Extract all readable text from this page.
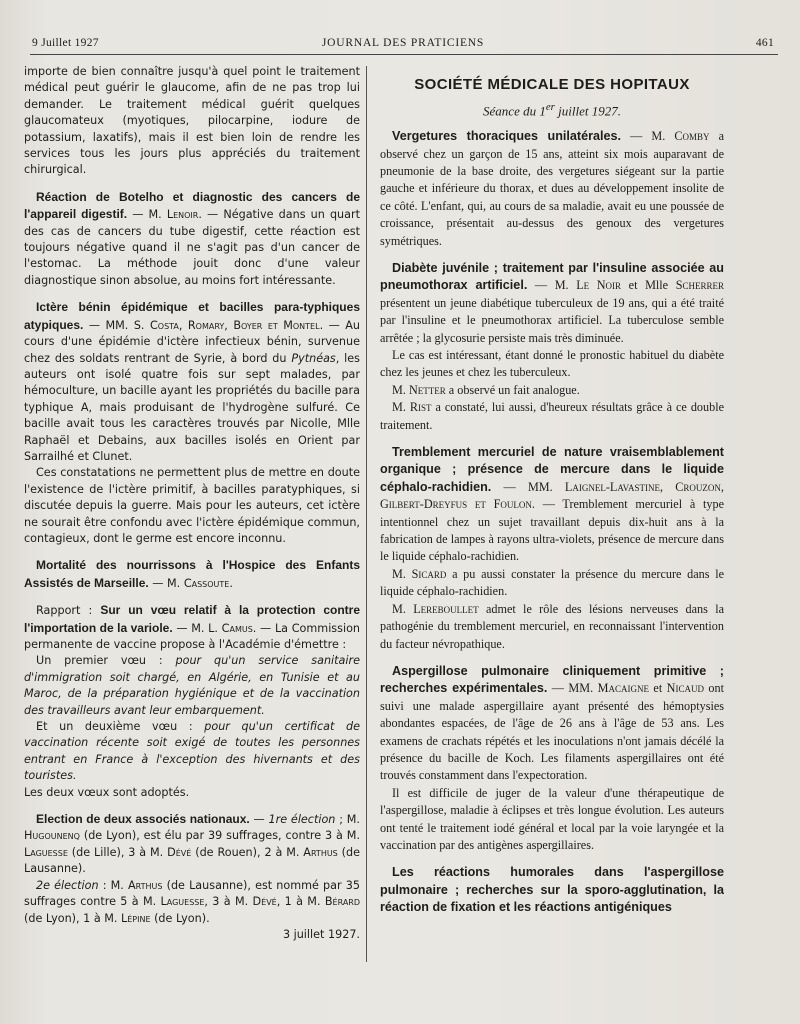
9 Juillet 1927	JOURNAL DES PRATICIENS	461

importe de bien connaître jusqu'à quel point le traitement médical peut guérir le glaucome, afin de ne pas trop lui demander. Le traitement médical guérit quelques glaucomateux (myotiques, pilocarpine, iodure de potassium, laxatifs), mais il est bien loin de rendre les services tous les jours plus appréciés du traitement chirurgical.

Réaction de Botelho et diagnostic des cancers de l'appareil digestif. — M. Lenoir. — Négative dans un quart des cas de cancers du tube digestif, cette réaction est toujours négative quand il ne s'agit pas d'un cancer de l'estomac. La méthode jouit donc d'une valeur diagnostique sinon absolue, au moins fort intéressante.

Ictère bénin épidémique et bacilles para-typhiques atypiques. — MM. S. Costa, Romary, Boyer et Montel. — Au cours d'une épidémie d'ictère infectieux bénin, survenue chez des soldats rentrant de Syrie, à bord du Pytnéas, les auteurs ont isolé quatre fois sur sept malades, par hémoculture, un bacille ayant les propriétés du bacille para typhique A, mais produisant de l'hydrogène sulfuré. Ce bacille avait tous les caractères trouvés par Nicolle, Mlle Raphaël et Debains, aux bacilles isolés en Orient par Sarrailhé et Clunet.

Ces constatations ne permettent plus de mettre en doute l'existence de l'ictère primitif, à bacilles paratyphiques, si discutée depuis la guerre. Mais pour les auteurs, cet ictère ne sourait être confondu avec l'ictère épidémique commun, contagieux, dont le germe est encore inconnu.

Mortalité des nourrissons à l'Hospice des Enfants Assistés de Marseille. — M. Cassoute.

Rapport : Sur un vœu relatif à la protection contre l'importation de la variole. — M. L. Camus. — La Commission permanente de vaccine propose à l'Académie d'émettre :

Un premier vœu : pour qu'un service sanitaire d'immigration soit chargé, en Algérie, en Tunisie et au Maroc, de la préparation hygiénique et de la vaccination des travailleurs avant leur embarquement.

Et un deuxième vœu : pour qu'un certificat de vaccination récente soit exigé de toutes les personnes entrant en France à l'exception des hivernants et des touristes.

Les deux vœux sont adoptés.

Election de deux associés nationaux. — 1re élection ; M. Hugounenq (de Lyon), est élu par 39 suffrages, contre 3 à M. Laguesse (de Lille), 3 à M. Dévé (de Rouen), 2 à M. Arthus (de Lausanne).

2e élection : M. Arthus (de Lausanne), est nommé par 35 suffrages contre 5 à M. Laguesse, 3 à M. Dévé, 1 à M. Bérard (de Lyon), 1 à M. Lépine (de Lyon).

3 juillet 1927.

SOCIÉTÉ MÉDICALE DES HOPITAUX
Séance du 1er juillet 1927.

Vergetures thoraciques unilatérales. — M. Comby a observé chez un garçon de 15 ans, atteint six mois auparavant de pneumonie de la base droite, des vergetures siégeant sur la partie gauche et inférieure du thorax, et dues au développement insolite de ce côté. L'enfant, qui, au cours de sa maladie, avait eu une poussée de croissance, présentait au-dessus des genoux des vergetures symétriques.

Diabète juvénile ; traitement par l'insuline associée au pneumothorax artificiel. — M. Le Noir et Mlle Scherrer présentent un jeune diabétique tuberculeux de 19 ans, qui a été traité par l'insuline et le pneumothorax artificiel. La tuberculose semble arrêtée ; la glycosurie persiste mais très diminuée.

Le cas est intéressant, étant donné le pronostic habituel du diabète chez les jeunes et chez les tuberculeux.

M. Netter a observé un fait analogue.

M. Rist a constaté, lui aussi, d'heureux résultats grâce à ce double traitement.

Tremblement mercuriel de nature vraisemblablement organique ; présence de mercure dans le liquide céphalo-rachidien. — MM. Laignel-Lavastine, Crouzon, Gilbert-Dreyfus et Foulon. — Tremblement mercuriel à type intentionnel chez un sujet travaillant depuis dix-huit ans à la fabrication de lampes à rayons ultra-violets, présence de mercure dans le liquide céphalo-rachidien.

M. Sicard a pu aussi constater la présence du mercure dans le liquide céphalo-rachidien.

M. Lereboullet admet le rôle des lésions nerveuses dans la pathogénie du tremblement mercuriel, en reconnaissant l'intervention du facteur névropathique.

Aspergillose pulmonaire cliniquement primitive ; recherches expérimentales. — MM. Macaigne et Nicaud ont suivi une malade aspergillaire ayant présenté des hémoptysies abondantes espacées, de l'âge de 26 ans à l'âge de 53 ans. Les examens de crachats répétés et les inoculations n'ont jamais décélé la présence du bacille de Koch. Les filaments aspergillaires ont été trouvés constamment dans l'expectoration.

Il est difficile de juger de la valeur d'une thérapeutique de l'aspergillose, maladie à éclipses et très longue évolution. Les auteurs ont tenté le traitement iodé général et local par la voie laryngée et la vaccination par des antigènes aspergillaires.

Les réactions humorales dans l'aspergillose pulmonaire ; recherches sur la sporo-agglutination, la réaction de fixation et les réactions antigéniques
